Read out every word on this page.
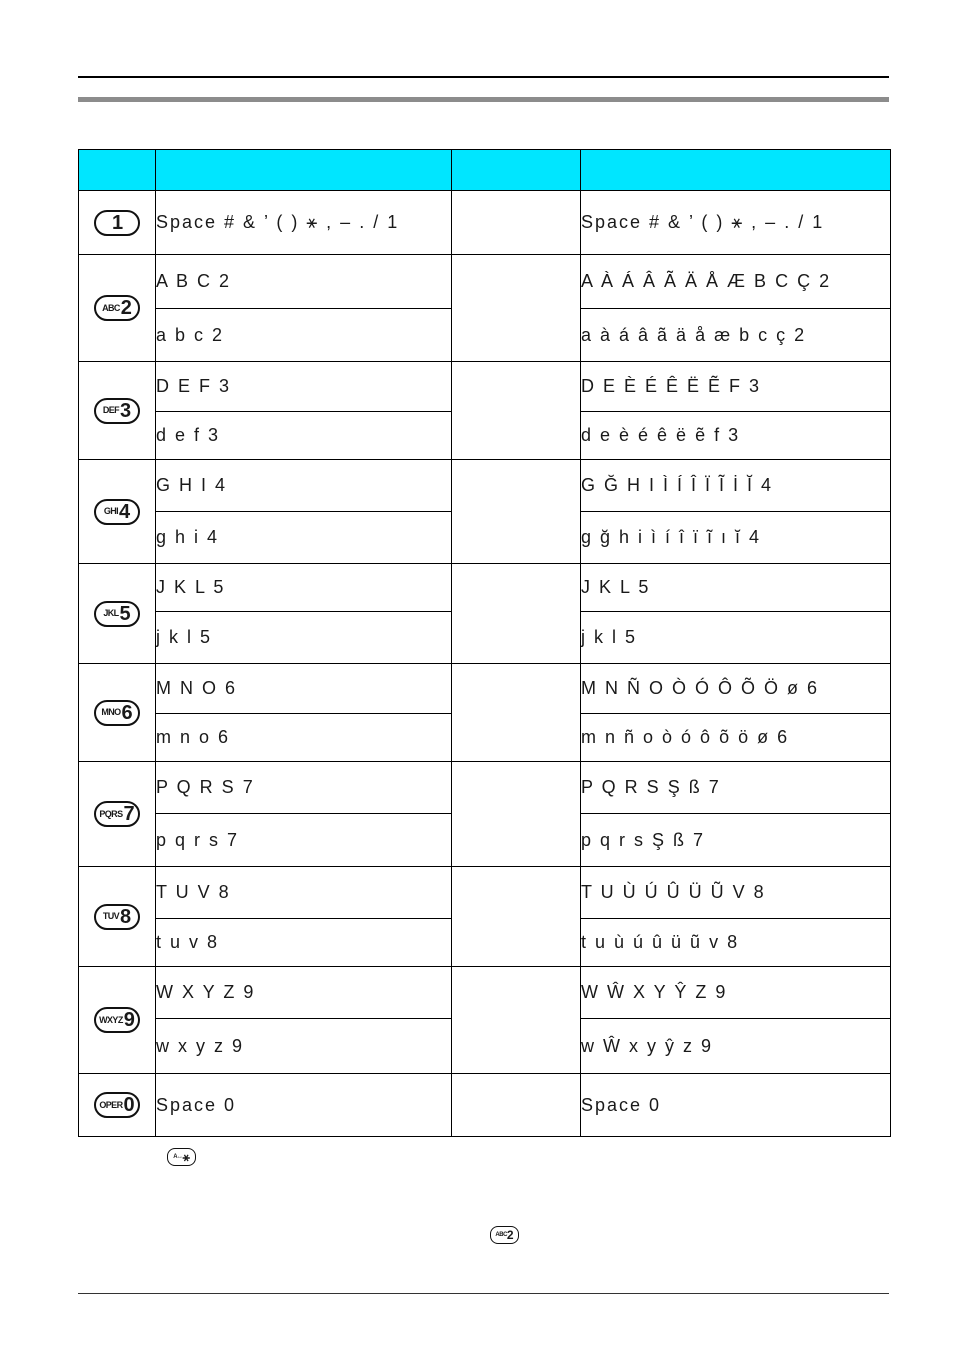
1	Space # & ’ ( ) ⚹ , – . / 1		Space # & ’ ( ) ⚹ , – . / 1

ABC 2	A B C 2		A À Á Â Ã Ä Å Æ B C Ç 2
	a b c 2		a à á â ã ä å æ b c ç 2

DEF 3	D E F 3		D E È É Ê Ë Ẽ F 3
	d e f 3		d e è é ê ë ẽ f 3

GHI 4	G H I 4		G Ğ H I Ì Í Î Ï Ĩ İ Ĭ 4
	g h i 4		g ğ h i ì í î ï ĩ ı ĭ 4

JKL 5	J K L 5		J K L 5
	j k l 5		j k l 5

MNO 6	M N O 6		M N Ñ O Ò Ó Ô Õ Ö ø 6
	m n o 6		m n ñ o ò ó ô õ ö ø 6

PQRS 7	P Q R S 7		P Q R S Ş ß 7
	p q r s 7		p q r s Ş ß 7

TUV 8	T U V 8		T U Ù Ú Û Ü Ũ V 8
	t u v 8		t u ù ú û ü ũ v 8

WXYZ 9	W X Y Z 9		W Ŵ X Y Ŷ Z 9
	w x y z 9		w Ŵ x y ŷ z 9

OPER 0	Space 0		Space 0
A↔ ⚹
ABC 2
